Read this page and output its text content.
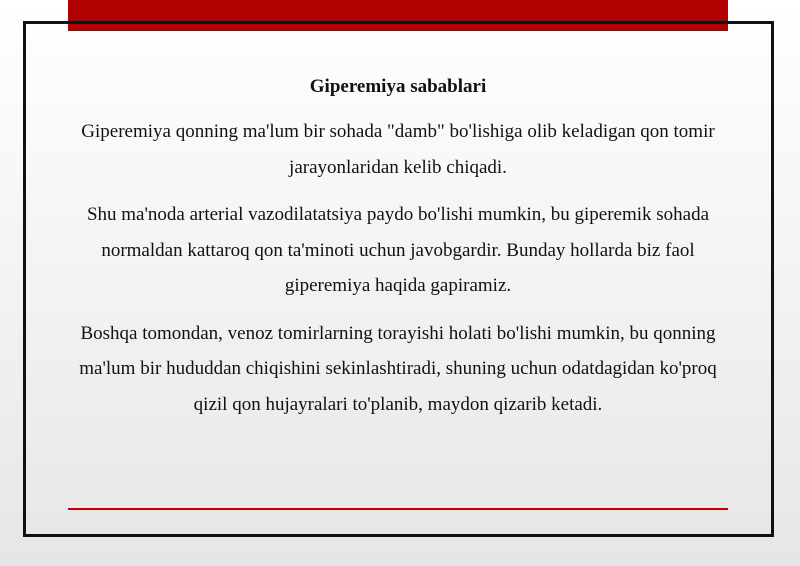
Giperemiya sabablari
Giperemiya qonning ma'lum bir sohada "damb" bo'lishiga olib keladigan qon tomir jarayonlaridan kelib chiqadi.
Shu ma'noda arterial vazodilatatsiya paydo bo'lishi mumkin, bu giperemik sohada normaldan kattaroq qon ta'minoti uchun javobgardir. Bunday hollarda biz faol giperemiya haqida gapiramiz.
Boshqa tomondan, venoz tomirlarning torayishi holati bo'lishi mumkin, bu qonning ma'lum bir hududdan chiqishini sekinlashtiradi, shuning uchun odatdagidan ko'proq qizil qon hujayralari to'planib, maydon qizarib ketadi.
